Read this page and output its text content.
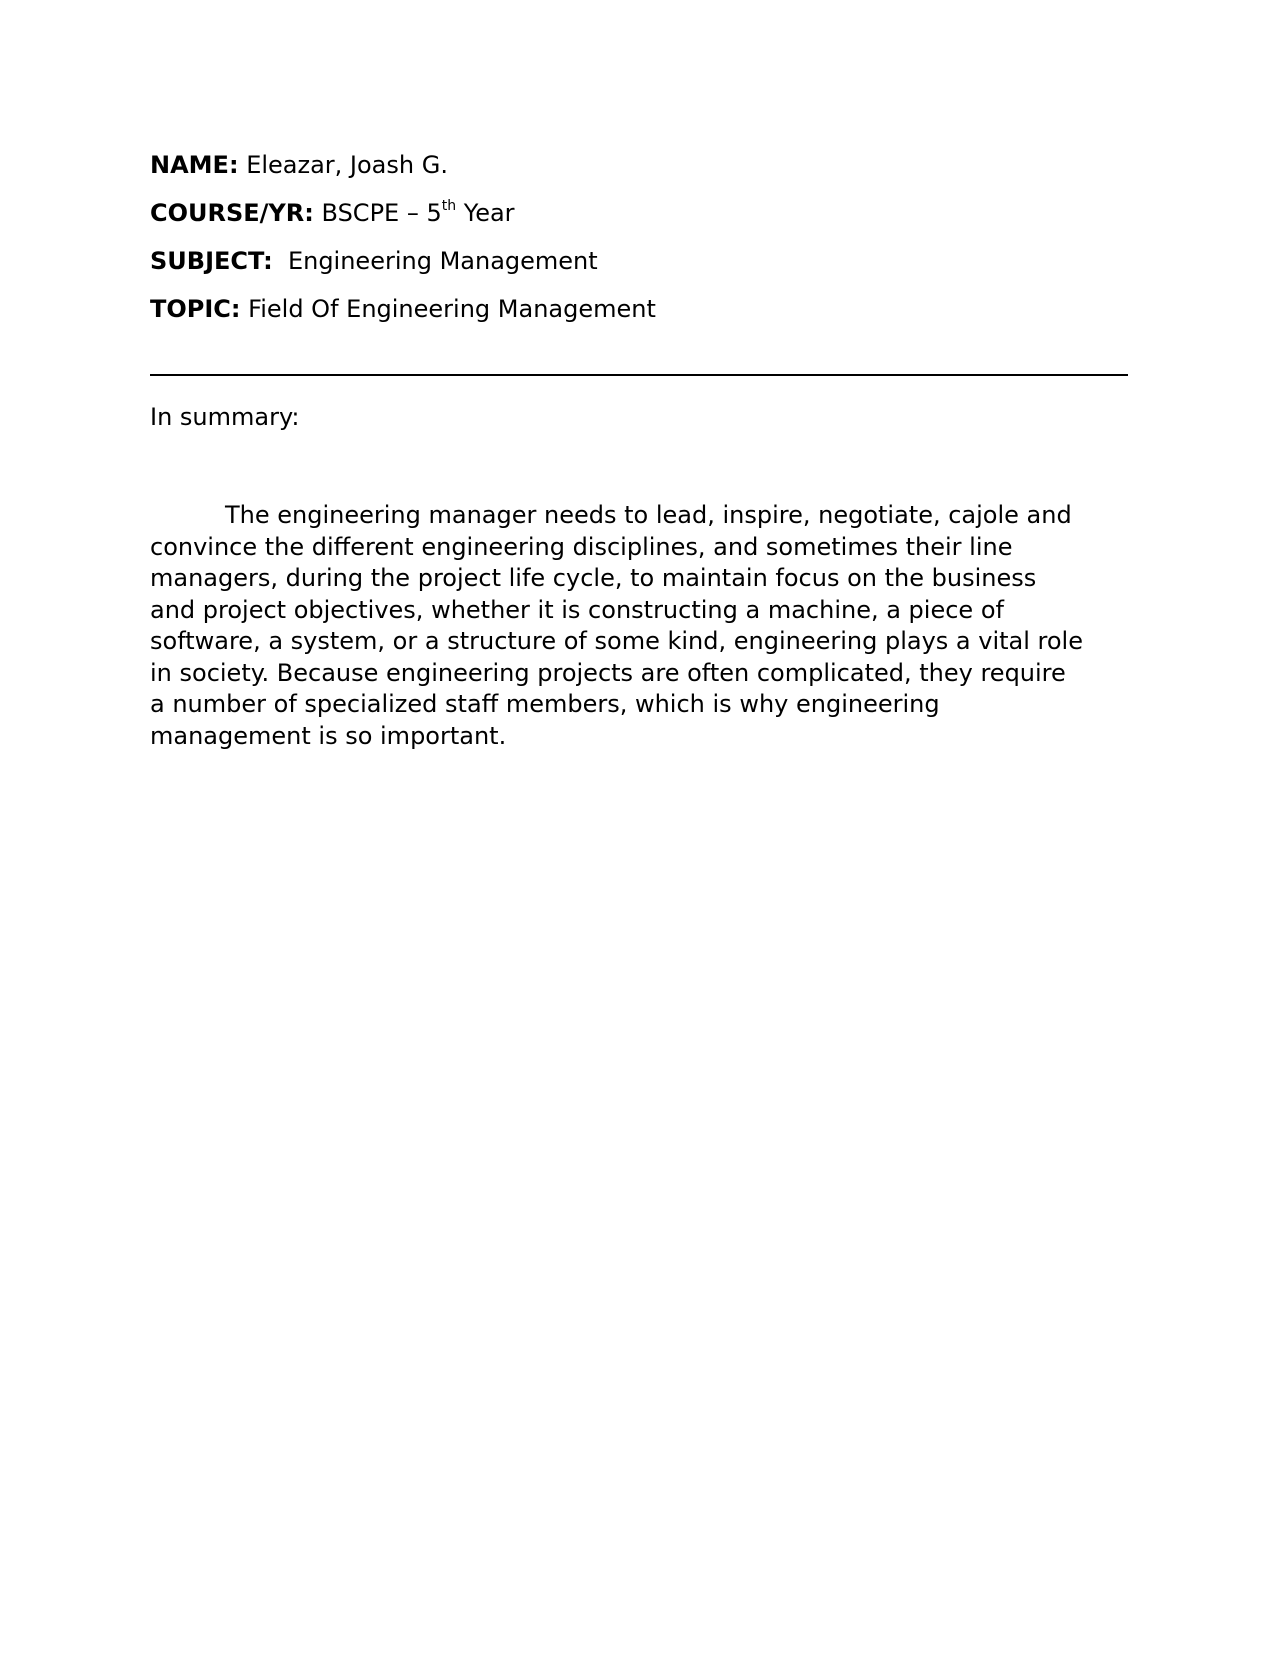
NAME: Eleazar, Joash G.
COURSE/YR: BSCPE – 5th Year
SUBJECT: Engineering Management
TOPIC: Field Of Engineering Management
In summary:

The engineering manager needs to lead, inspire, negotiate, cajole and
convince the different engineering disciplines, and sometimes their line
managers, during the project life cycle, to maintain focus on the business
and project objectives, whether it is constructing a machine, a piece of
software, a system, or a structure of some kind, engineering plays a vital role
in society. Because engineering projects are often complicated, they require
a number of specialized staff members, which is why engineering
management is so important.
